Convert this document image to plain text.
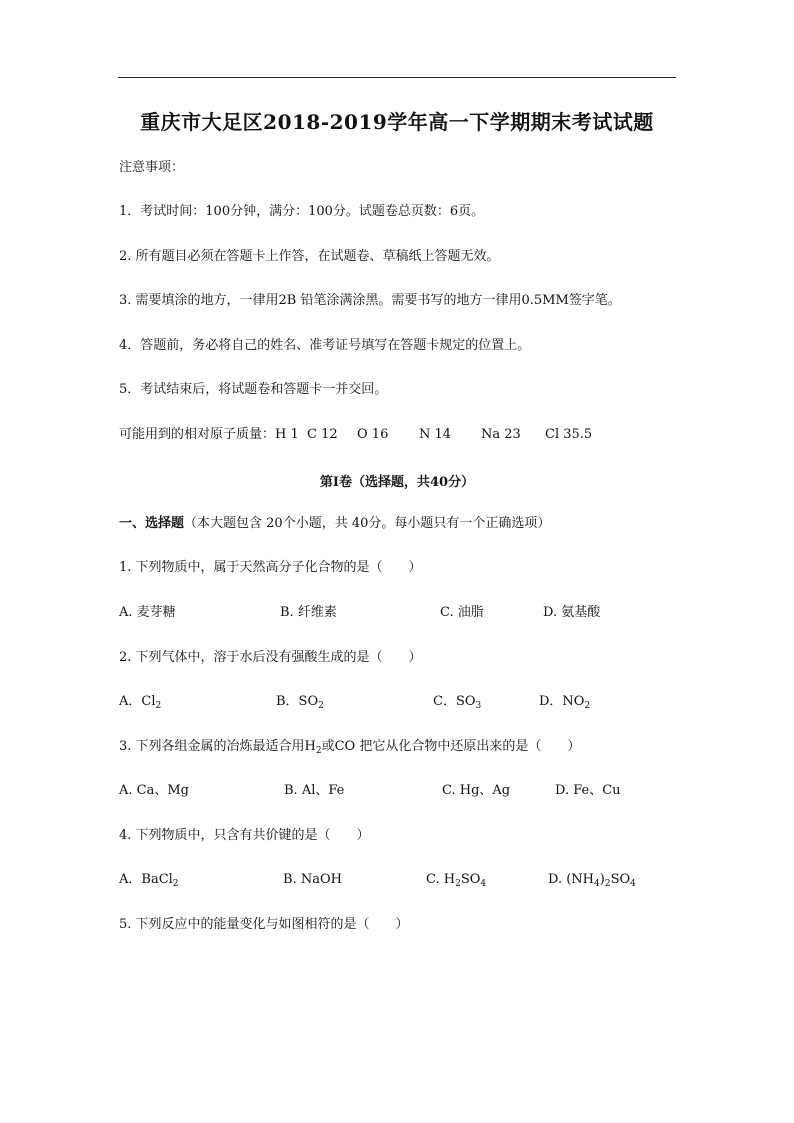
重庆市大足区2018-2019学年高一下学期期末考试试题
注意事项：
1．考试时间：100分钟，满分：100分。试题卷总页数：6页。
2. 所有题目必须在答题卡上作答，在试题卷、草稿纸上答题无效。
3. 需要填涂的地方，一律用2B 铅笔涂满涂黑。需要书写的地方一律用0.5MM签字笔。
4．答题前，务必将自己的姓名、准考证号填写在答题卡规定的位置上。
5．考试结束后，将试题卷和答题卡一并交回。
可能用到的相对原子质量：H 1 C 12 O 16 N 14 Na 23 Cl 35.5
第I卷（选择题，共40分）
一、选择题（本大题包含 20个小题，共 40分。每小题只有一个正确选项）
1. 下列物质中，属于天然高分子化合物的是（　　）
A. 麦芽糖	B. 纤维素	C. 油脂	D. 氨基酸
2. 下列气体中，溶于水后没有强酸生成的是（　　）
A．$Cl_2$	B．$SO_2$	C．$SO_3$	D．$NO_2$
3. 下列各组金属的冶炼最适合用$H_2$或CO 把它从化合物中还原出来的是（　　）
A. Ca、Mg	B. Al、Fe	C. Hg、Ag	D. Fe、Cu
4. 下列物质中，只含有共价键的是（　　）
A．BaCl$_2$	B. NaOH	C. $H_2SO_4$	D. $(NH_4)_2SO_4$
5. 下列反应中的能量变化与如图相符的是（　　）
